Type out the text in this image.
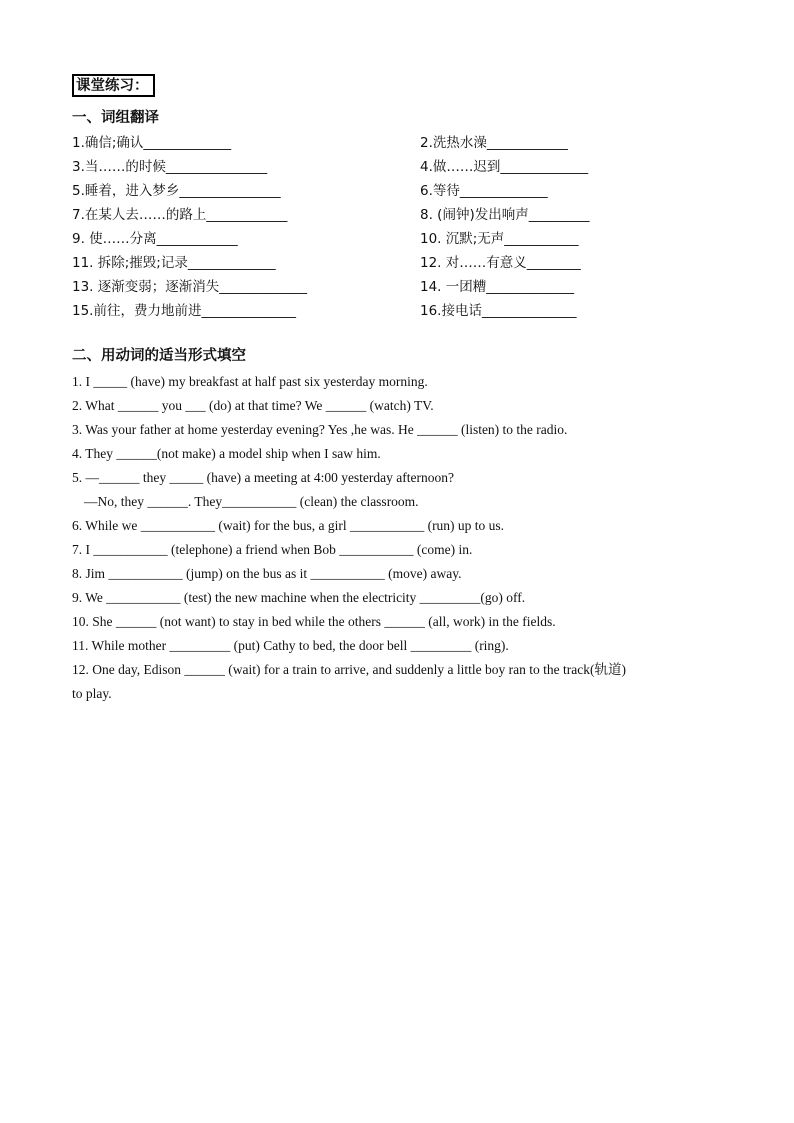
课堂练习：
一、词组翻译
1.确信;确认_____________	2.洗热水澡____________
3.当……的时候_______________	4.做……迟到_____________
5.睡着，进入梦乡_______________	6.等待_____________
7.在某人去……的路上____________	8. (闹钟)发出响声_________
9. 使……分离____________	10. 沉默;无声___________
11. 拆除;摧毁;记录_____________	12. 对……有意义________
13. 逐渐变弱；逐渐消失_____________	14. 一团糟_____________
15.前往，费力地前进______________	16.接电话______________
二、用动词的适当形式填空
1. I _____ (have) my breakfast at half past six yesterday morning.
2. What ______ you ___ (do) at that time? We ______ (watch) TV.
3. Was your father at home yesterday evening? Yes ,he was. He ______ (listen) to the radio.
4. They ______(not make) a model ship when I saw him.
5. —______ they _____ (have) a meeting at 4:00 yesterday afternoon?
—No, they ______. They___________ (clean) the classroom.
6. While we ___________ (wait) for the bus, a girl ___________ (run) up to us.
7. I ___________ (telephone) a friend when Bob ___________ (come) in.
8. Jim ___________ (jump) on the bus as it ___________ (move) away.
9. We ___________ (test) the new machine when the electricity _________(go) off.
10. She ______ (not want) to stay in bed while the others ______ (all, work) in the fields.
11. While mother _________ (put) Cathy to bed, the door bell _________ (ring).
12. One day, Edison ______ (wait) for a train to arrive, and suddenly a little boy ran to the track(轨道)
to play.
